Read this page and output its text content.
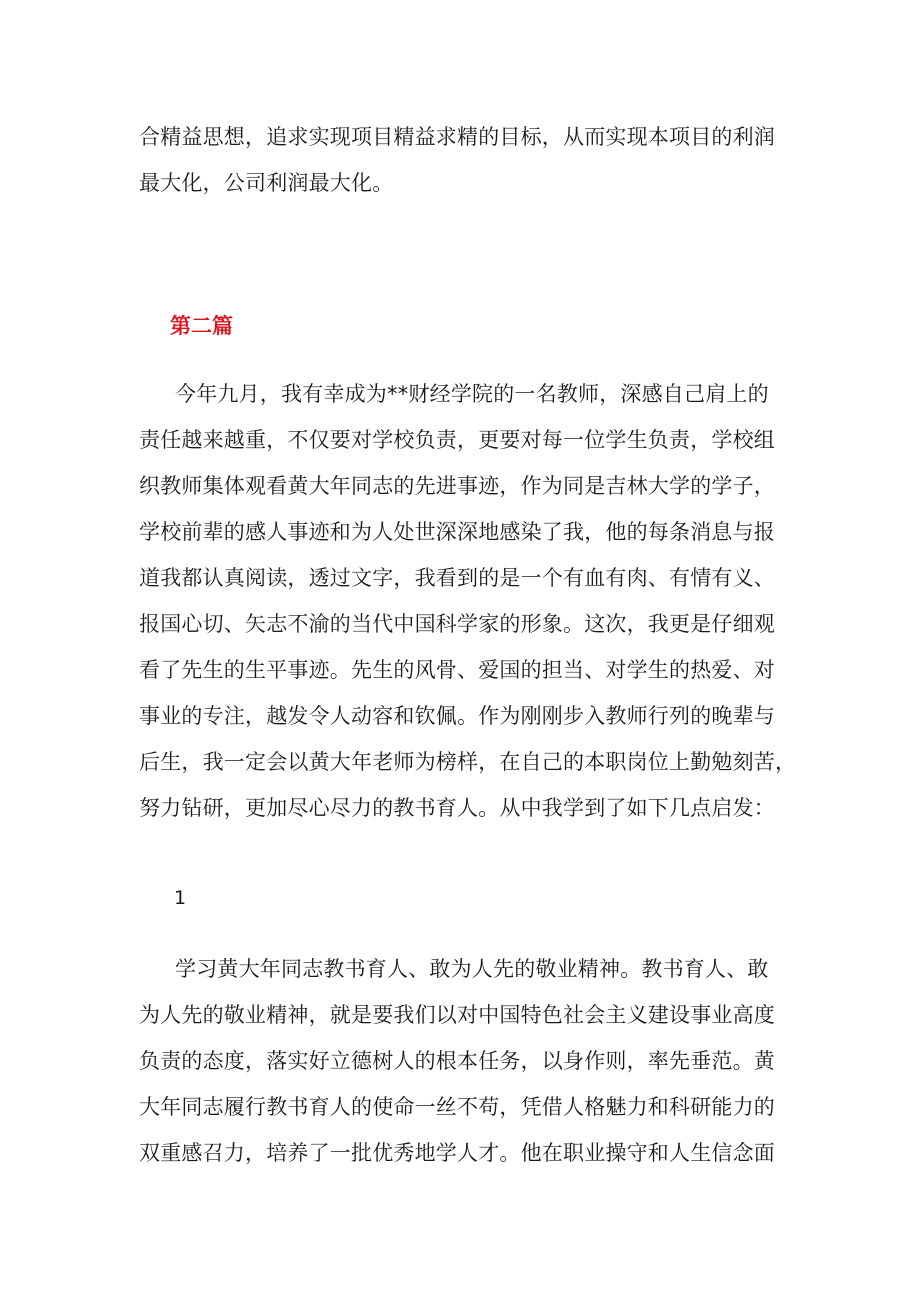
合精益思想，追求实现项目精益求精的目标，从而实现本项目的利润
最大化，公司利润最大化。

第二篇

今年九月，我有幸成为**财经学院的一名教师，深感自己肩上的
责任越来越重，不仅要对学校负责，更要对每一位学生负责，学校组
织教师集体观看黄大年同志的先进事迹，作为同是吉林大学的学子，
学校前辈的感人事迹和为人处世深深地感染了我，他的每条消息与报
道我都认真阅读，透过文字，我看到的是一个有血有肉、有情有义、
报国心切、矢志不渝的当代中国科学家的形象。这次，我更是仔细观
看了先生的生平事迹。先生的风骨、爱国的担当、对学生的热爱、对
事业的专注，越发令人动容和钦佩。作为刚刚步入教师行列的晚辈与
后生，我一定会以黄大年老师为榜样，在自己的本职岗位上勤勉刻苦，
努力钻研，更加尽心尽力的教书育人。从中我学到了如下几点启发：

1

学习黄大年同志教书育人、敢为人先的敬业精神。教书育人、敢
为人先的敬业精神，就是要我们以对中国特色社会主义建设事业高度
负责的态度，落实好立德树人的根本任务，以身作则，率先垂范。黄
大年同志履行教书育人的使命一丝不苟，凭借人格魅力和科研能力的
双重感召力，培养了一批优秀地学人才。他在职业操守和人生信念面
